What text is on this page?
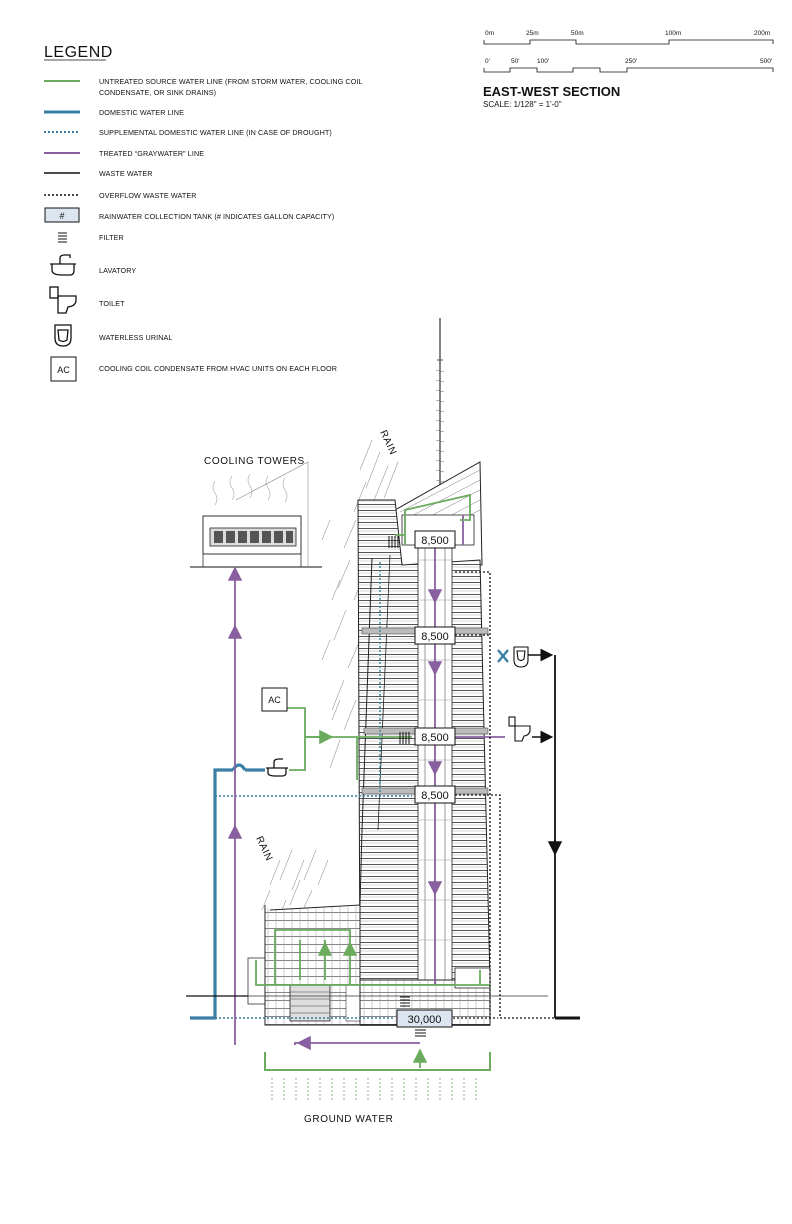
LEGEND
UNTREATED SOURCE WATER LINE (FROM STORM WATER, COOLING COIL
CONDENSATE, OR SINK DRAINS)
DOMESTIC WATER LINE
SUPPLEMENTAL DOMESTIC WATER LINE (IN CASE OF DROUGHT)
TREATED “GRAYWATER” LINE
WASTE WATER
OVERFLOW WASTE WATER
#	RAINWATER COLLECTION TANK (# INDICATES GALLON CAPACITY)
FILTER
LAVATORY
TOILET
WATERLESS URINAL
AC	COOLING COIL CONDENSATE FROM HVAC UNITS ON EACH FLOOR
0m	25m	50m	100m	200m
0'	50'	100'	250'	500'
EAST-WEST SECTION
SCALE: 1/128" = 1'-0"
COOLING TOWERS
RAIN
RAIN
GROUND WATER
AC
8,500
8,500
8,500
8,500
30,000
